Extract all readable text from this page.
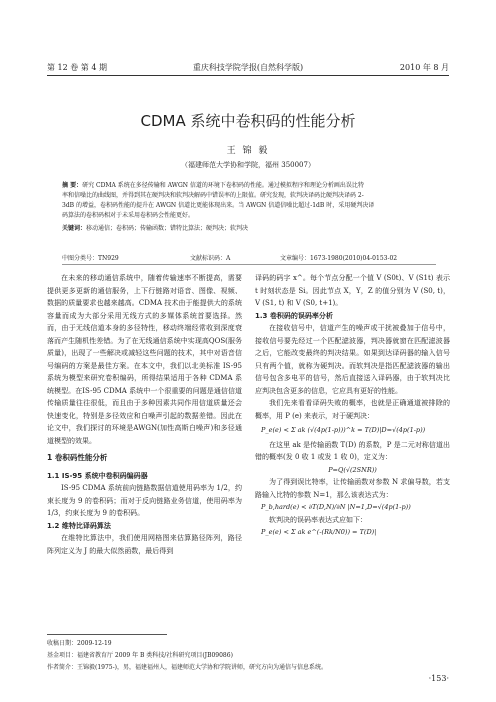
第 12 卷 第 4 期	重庆科技学院学报(自然科学版)	2010 年 8 月
CDMA 系统中卷积码的性能分析
王 锦 毅
（福建师范大学协和学院，福州 350007）
摘 要：研究 CDMA 系统在多径传输和 AWGN 信道的环境下卷积码的性能。通过模拟程序和理论分析画出误比特
率和信噪比的曲线图，并得到其在硬判决和软判决解码中错误率的上限值。研究发现，软判决译码比硬判决译码 2-
3dB 的增益，卷积码性能的提升在 AWGN 信道比更能体现出来。当 AWGN 信道信噪比超过-1dB 时，采用硬判决译
码算法的卷积码相对于未采用卷积码会性能更好。
关键词：移动通信；卷积码；传输函数；错特比算法；硬判决；软判决
中图分类号：TN929	文献标识码：A	文章编号：1673-1980(2010)04-0153-02

在未来的移动通信系统中，随着传输速率不断提高，需要提供更多更新的通信服务，上下行链路对语音、图像、视频、数据的质量要求也越来越高。CDMA 技术由于能提供大的系统容量而成为大部分采用无线方式的多媒体系统首要选择。然而，由于无线信道本身的多径特性，移动终端经常收到深度衰落而产生随机性差错。为了在无线通信系统中实现高QOS(服务质量)，出现了一些解决或减轻这些问题的技术，其中对语音信号编码的方案是最佳方案。在本文中，我们以北美标准 IS-95 系统为模型来研究卷积编码，所得结果适用于各种 CDMA 系统模型。在IS-95 CDMA 系统中一个很重要的问题是通信信道传输质量往往很低，而且由于多种因素共同作用信道质量还会快速变化，特别是多径效应和白噪声引起的数据差错。因此在论文中，我们探讨的环境是AWGN(加性高斯白噪声)和多径通道模型的效果。

1 卷积码性能分析
1.1 IS-95 系统中卷积码编码器

IS-95 CDMA 系统前向链路数据信道使用码率为 1/2，约束长度为 9 的卷积码；而对于反向链路业务信道，使用码率为 1/3，约束长度为 9 的卷积码。

1.2 维特比译码算法

在维特比算法中，我们使用网格图来估算路径阵列，路径阵列定义为 J 的最大似然函数，最后得到

译码的码字 x^。每个节点分配一个值 V (S0t)、V (S1t) 表示 t 时刻状态是 Si。因此节点 X，Y，Z 的值分别为 V (S0, t)，V (S1, t) 和 V (S0, t+1)。

1.3 卷积码的误码率分析

在接收信号中，信道产生的噪声或干扰被叠加于信号中，接收信号要先经过一个匹配滤波器，判决器就窗在匹配滤波器之后，它能改变最终的判决结果。如果到达译码器的输入信号只有两个值，就称为硬判决。而软判决是指匹配滤波器的输出信号包含多电平的信号，然后直接送入译码器，由于软判决比应判决包含更多的信息，它应具有更好的性能。

我们先来看看译码失败的概率，也就是正确通道被排除的概率，用 P (e) 来表示，对于硬判决：

P_e(e) < Σ ak (√(4p(1-p)))^k = T(D)|D=√(4p(1-p))

在这里 ak 是传输函数 T(D) 的系数，P 是二元对称信道出错的概率(发 0 收 1 或发 1 收 0)，定义为：

P=Q(√(2SNR))

为了得到误比特率，让传输函数对参数 N 求偏导数，若支路输入比特的参数 N=1，那么该表达式为：

P_b,hard(e) < ∂T(D,N)/∂N |N=1,D=√(4p(1-p))

软判决的误码率表达式应如下：

P_e(e) < Σ ak e^(-(Rk/N0)) = T(D)|
收稿日期：2009-12-19
基金项目：福建省教育厅 2009 年 B 类科技/社科研究项目(JB09086)
作者简介：王锦毅(1975-)，男，福建福州人，福建师范大学协和学院讲师，研究方向为通信与信息系统。
·153·
